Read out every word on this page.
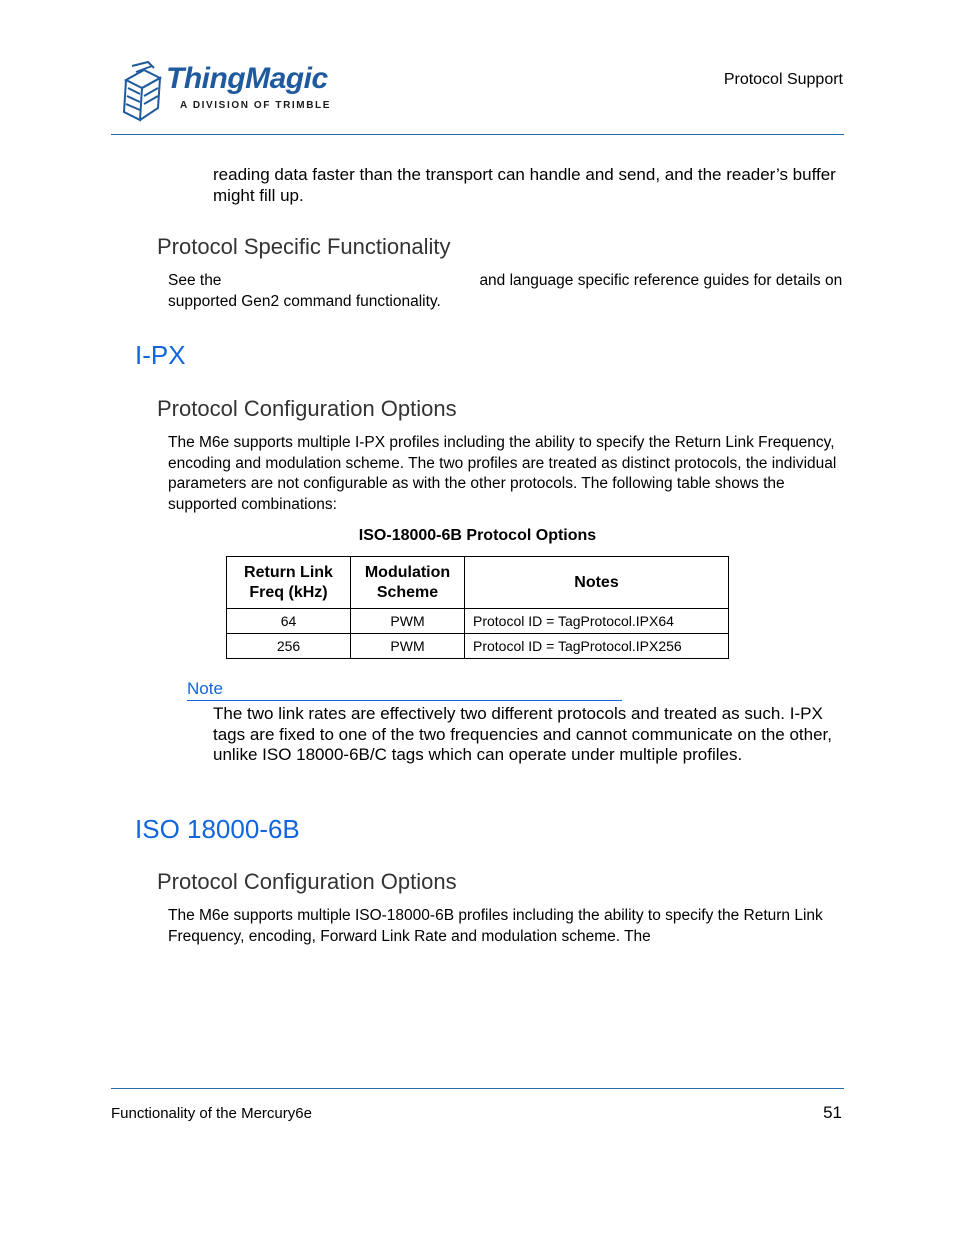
ThingMagic
A DIVISION OF TRIMBLE
Protocol Support
reading data faster than the transport can handle and send, and the reader’s buffer might fill up.
Protocol Specific Functionality
See the	and language specific reference guides for details on supported Gen2 command functionality.
I-PX
Protocol Configuration Options
The M6e supports multiple I-PX profiles including the ability to specify the Return Link Frequency, encoding and modulation scheme. The two profiles are treated as distinct protocols, the individual parameters are not configurable as with the other protocols. The following table shows the supported combinations:
ISO-18000-6B Protocol Options
Return Link Freq (kHz)	Modulation Scheme	Notes
64	PWM	Protocol ID = TagProtocol.IPX64
256	PWM	Protocol ID = TagProtocol.IPX256
Note
The two link rates are effectively two different protocols and treated as such. I-PX tags are fixed to one of the two frequencies and cannot communicate on the other, unlike ISO 18000-6B/C tags which can operate under multiple profiles.
ISO 18000-6B
Protocol Configuration Options
The M6e supports multiple ISO-18000-6B profiles including the ability to specify the Return Link Frequency, encoding, Forward Link Rate and modulation scheme. The
Functionality of the Mercury6e	51
